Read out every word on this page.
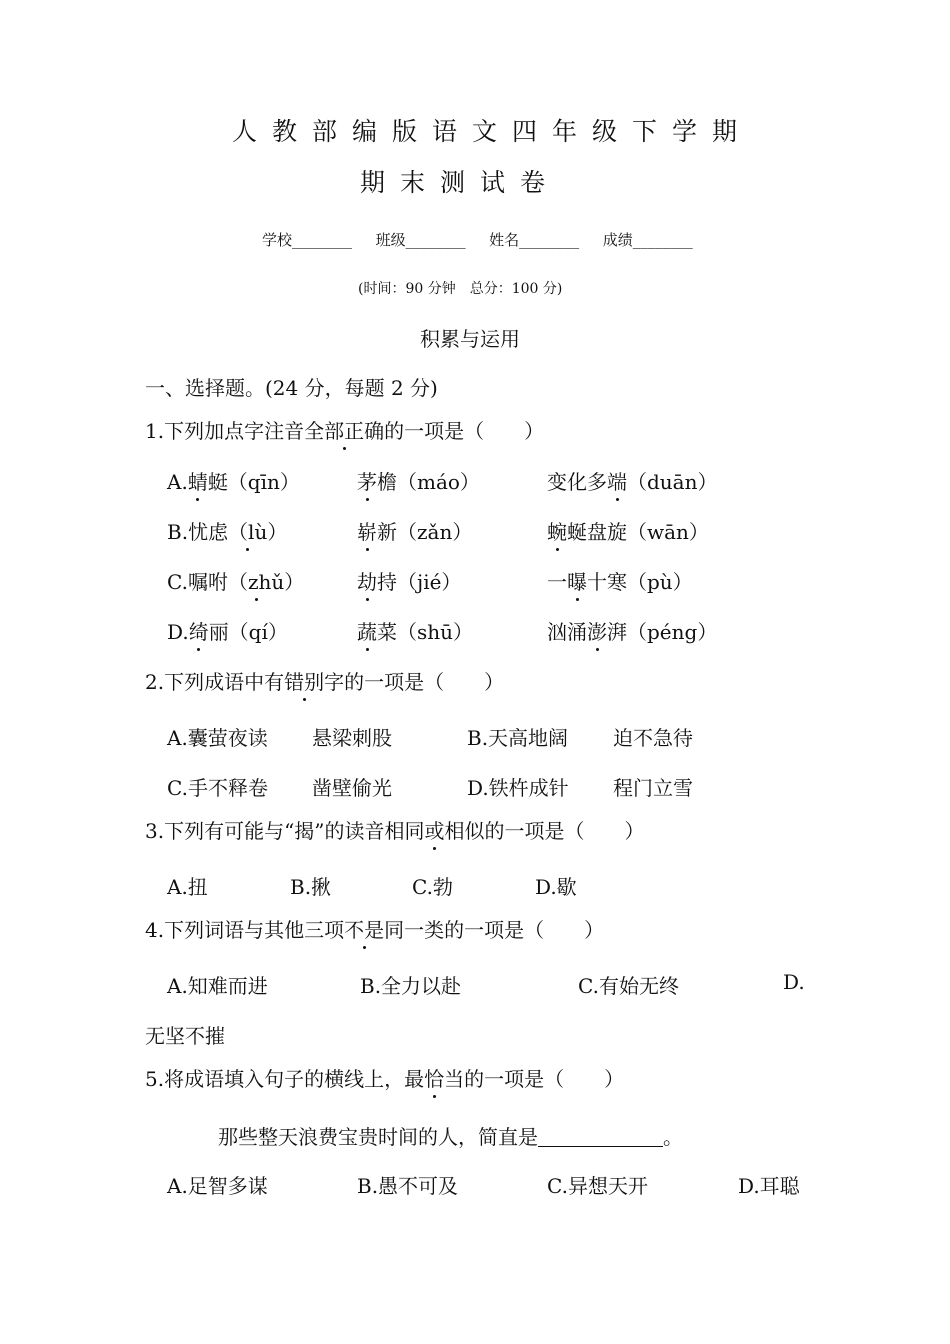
人教部编版语文四年级下学期
期末测试卷
学校________ 班级________ 姓名________ 成绩________
(时间：90 分钟　总分：100 分)
积累与运用
一、选择题。(24 分，每题 2 分)
1.下列加点字注音全部正确的一项是（　　）
A.蜻蜓（qīn）	茅檐（máo）	变化多端（duān）
B.忧虑（lù）	崭新（zǎn）	蜿蜒盘旋（wān）
C.嘱咐（zhǔ）	劫持（jié）	一曝十寒（pù）
D.绮丽（qí）	蔬菜（shū）	汹涌澎湃（péng）
2.下列成语中有错别字的一项是（　　）
A.囊萤夜读 悬梁刺股	B.天高地阔 迫不急待
C.手不释卷 凿壁偷光	D.铁杵成针 程门立雪
3.下列有可能与“揭”的读音相同或相似的一项是（　　）
A.扭	B.揪	C.勃	D.歇
4.下列词语与其他三项不是同一类的一项是（　　）
A.知难而进	B.全力以赴	C.有始无终	D.
无坚不摧
5.将成语填入句子的横线上，最恰当的一项是（　　）
那些整天浪费宝贵时间的人，简直是	。
A.足智多谋	B.愚不可及	C.异想天开	D.耳聪
